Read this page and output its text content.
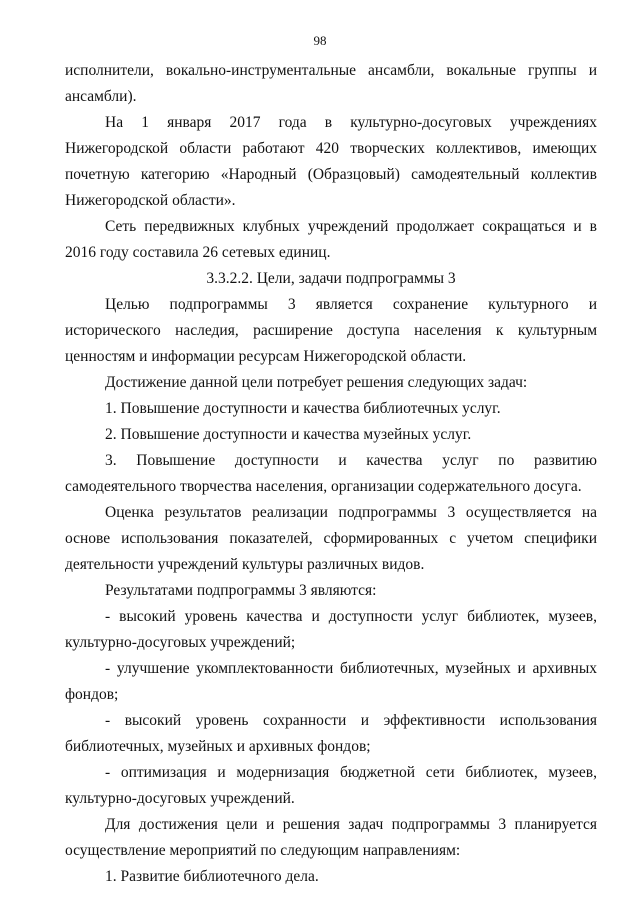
98

исполнители, вокально-инструментальные ансамбли, вокальные группы и ансамбли).

На 1 января 2017 года в культурно-досуговых учреждениях Нижегородской области работают 420 творческих коллективов, имеющих почетную категорию «Народный (Образцовый) самодеятельный коллектив Нижегородской области».

Сеть передвижных клубных учреждений продолжает сокращаться и в 2016 году составила 26 сетевых единиц.

3.3.2.2. Цели, задачи подпрограммы 3

Целью подпрограммы 3 является сохранение культурного и исторического наследия, расширение доступа населения к культурным ценностям и информации ресурсам Нижегородской области.

Достижение данной цели потребует решения следующих задач:

1. Повышение доступности и качества библиотечных услуг.

2. Повышение доступности и качества музейных услуг.

3. Повышение доступности и качества услуг по развитию самодеятельного творчества населения, организации содержательного досуга.

Оценка результатов реализации подпрограммы 3 осуществляется на основе использования показателей, сформированных с учетом специфики деятельности учреждений культуры различных видов.

Результатами подпрограммы 3 являются:

- высокий уровень качества и доступности услуг библиотек, музеев, культурно-досуговых учреждений;

- улучшение укомплектованности библиотечных, музейных и архивных фондов;

- высокий уровень сохранности и эффективности использования библиотечных, музейных и архивных фондов;

- оптимизация и модернизация бюджетной сети библиотек, музеев, культурно-досуговых учреждений.

Для достижения цели и решения задач подпрограммы 3 планируется осуществление мероприятий по следующим направлениям:

1. Развитие библиотечного дела.
